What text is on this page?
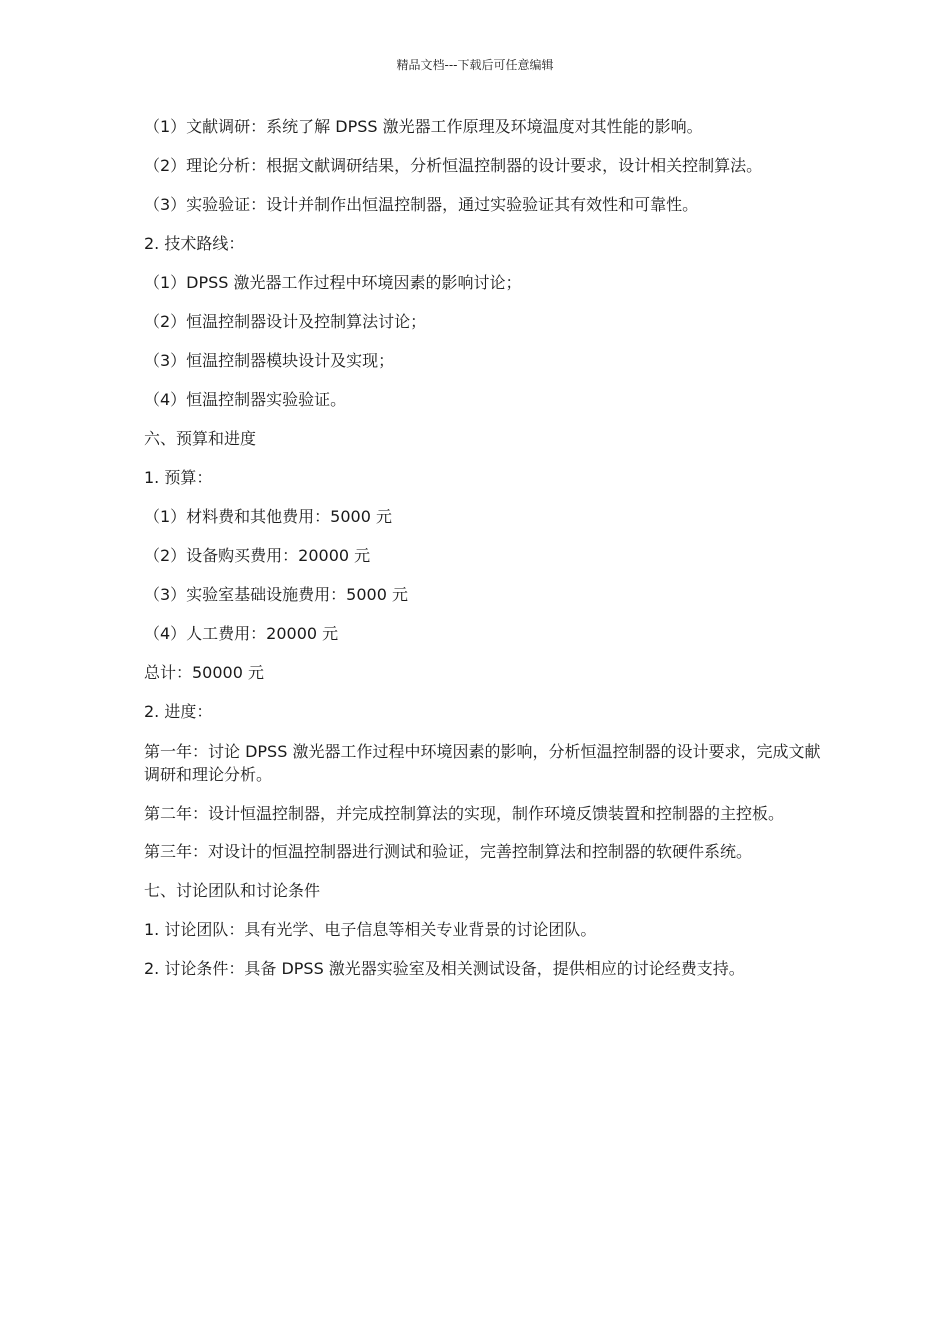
精品文档---下载后可任意编辑

（1）文献调研：系统了解 DPSS 激光器工作原理及环境温度对其性能的影响。

（2）理论分析：根据文献调研结果，分析恒温控制器的设计要求，设计相关控制算法。

（3）实验验证：设计并制作出恒温控制器，通过实验验证其有效性和可靠性。

2. 技术路线：

（1）DPSS 激光器工作过程中环境因素的影响讨论；

（2）恒温控制器设计及控制算法讨论；

（3）恒温控制器模块设计及实现；

（4）恒温控制器实验验证。

六、预算和进度

1. 预算：

（1）材料费和其他费用：5000 元

（2）设备购买费用：20000 元

（3）实验室基础设施费用：5000 元

（4）人工费用：20000 元

总计：50000 元

2. 进度：

第一年：讨论 DPSS 激光器工作过程中环境因素的影响，分析恒温控制器的设计要求，完成文献调研和理论分析。

第二年：设计恒温控制器，并完成控制算法的实现，制作环境反馈装置和控制器的主控板。

第三年：对设计的恒温控制器进行测试和验证，完善控制算法和控制器的软硬件系统。

七、讨论团队和讨论条件

1. 讨论团队：具有光学、电子信息等相关专业背景的讨论团队。

2. 讨论条件：具备 DPSS 激光器实验室及相关测试设备，提供相应的讨论经费支持。
